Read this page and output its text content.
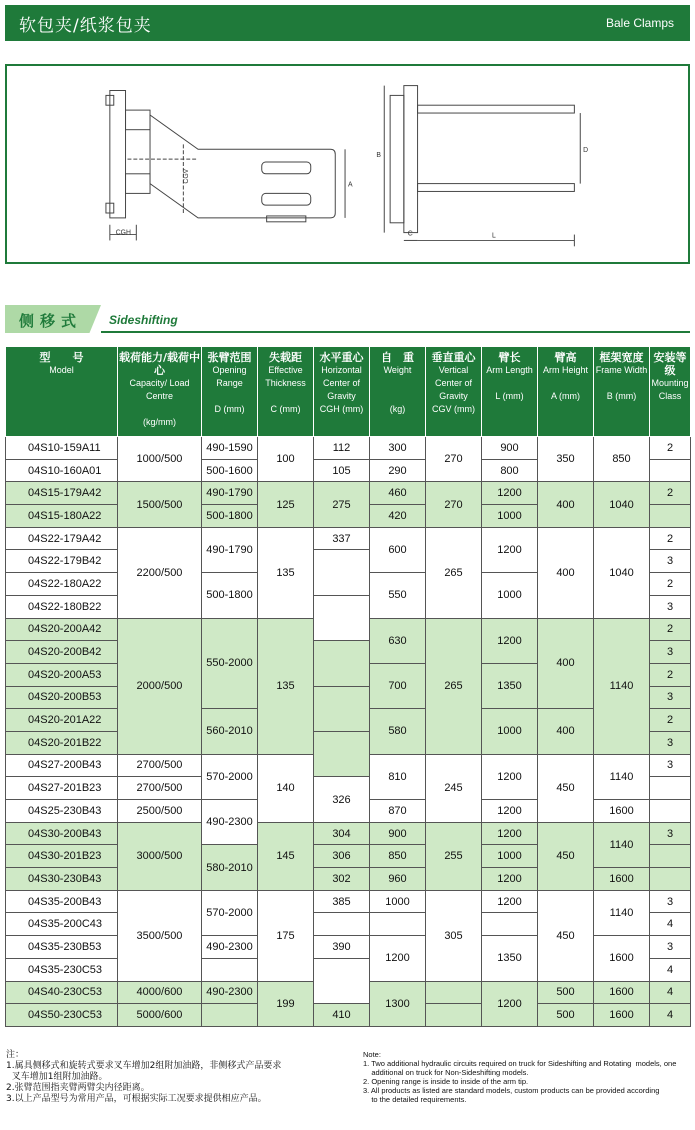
软包夹/纸浆包夹	Bale Clamps
CGV
CGH
A
B
C
D
L
侧移式 Sideshifting
型　　号
Model	载荷能力/载荷中心
Capacity/ Load Centre

(kg/mm)	张臂范围
Opening Range

D (mm)	失载距
Effective Thickness

C (mm)	水平重心
Horizontal Center of Gravity
CGH (mm)	自　重
Weight

(kg)	垂直重心
Vertical Center of Gravity
CGV (mm)	臂长
Arm Length

L (mm)	臂高
Arm Height

A (mm)	框架宽度
Frame Width

B (mm)	安装等级
Mounting Class
04S10-159A11	1000/500	490-1590	100	112	300	270	900	350	850	2
04S10-160A01		500-1600		105	290		800			
04S15-179A42	1500/500	490-1790	125	275	460	270	1200	400	1040	2
04S15-180A22		500-1800			420		1000			
04S22-179A42	2200/500	490-1790	135	337	600	265	1200	400	1040	2
04S22-179B42										3
04S22-180A22		500-1800			550		1000			2
04S22-180B22										3
04S20-200A42	2000/500	550-2000	135		630	265	1200	400	1140	2
04S20-200B42										3
04S20-200A53					700		1350			2
04S20-200B53										3
04S20-201A22		560-2010			580		1000	400		2
04S20-201B22										3
04S27-200B43	2700/500	570-2000	140		810	245	1200	450	1140	3
04S27-201B23	2700/500			326						
04S25-230B43	2500/500	490-2300			870		1200		1600	
04S30-200B43	3000/500		145	304	900	255	1200	450	1140	3
04S30-201B23		580-2010		306	850		1000			
04S30-230B43				302	960		1200		1600	
04S35-200B43	3500/500	570-2000	175	385	1000	305	1200	450	1140	3
04S35-200C43										4
04S35-230B53		490-2300		390	1200		1350		1600	3
04S35-230C53										4
04S40-230C53	4000/600	490-2300	199		1300		1200	500	1600	4
04S50-230C53	5000/600			410				500	1600	4
注：
1.属具侧移式和旋转式要求叉车增加2组附加油路，非侧移式产品要求
叉车增加1组附加油路。
2.张臂范围指夹臂两臂尖内径距离。
3.以上产品型号为常用产品，可根据实际工况要求提供相应产品。
Note:
1. Two additional hydraulic circuits required on truck for Sideshifting and Rotating  models, one
additional on truck for Non-Sideshifting models.
2. Opening range is inside to inside of the arm tip.
3. All products as listed are standard models, custom products can be provided according
to the detailed requirements.
